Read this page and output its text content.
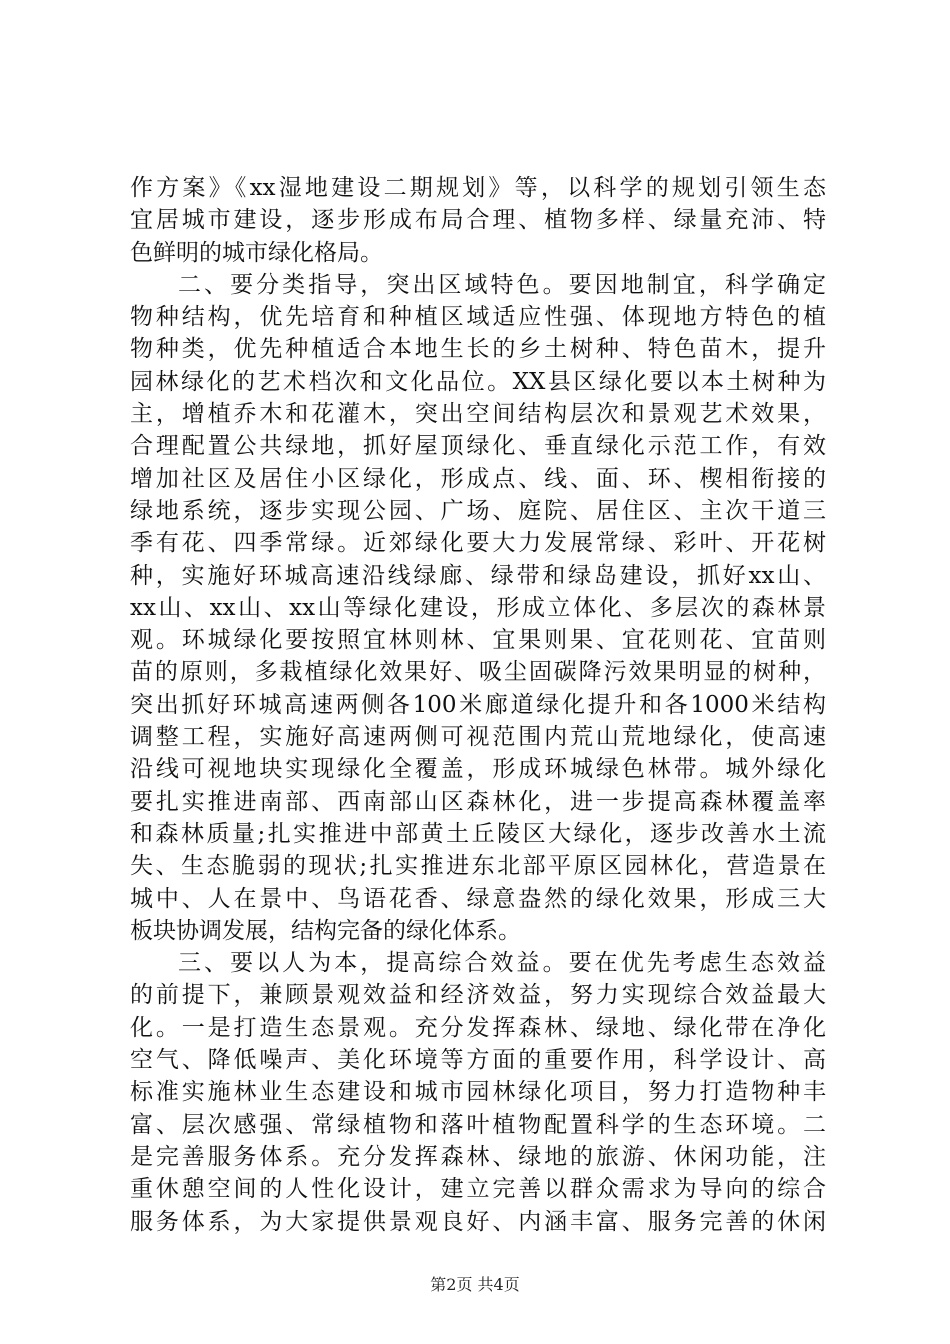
作方案》《xx湿地建设二期规划》等，以科学的规划引领生态
宜居城市建设，逐步形成布局合理、植物多样、绿量充沛、特
色鲜明的城市绿化格局。
二、要分类指导，突出区域特色。要因地制宜，科学确定
物种结构，优先培育和种植区域适应性强、体现地方特色的植
物种类，优先种植适合本地生长的乡土树种、特色苗木，提升
园林绿化的艺术档次和文化品位。XX县区绿化要以本土树种为
主，增植乔木和花灌木，突出空间结构层次和景观艺术效果，
合理配置公共绿地，抓好屋顶绿化、垂直绿化示范工作，有效
增加社区及居住小区绿化，形成点、线、面、环、楔相衔接的
绿地系统，逐步实现公园、广场、庭院、居住区、主次干道三
季有花、四季常绿。近郊绿化要大力发展常绿、彩叶、开花树
种，实施好环城高速沿线绿廊、绿带和绿岛建设，抓好xx山、
xx山、xx山、xx山等绿化建设，形成立体化、多层次的森林景
观。环城绿化要按照宜林则林、宜果则果、宜花则花、宜苗则
苗的原则，多栽植绿化效果好、吸尘固碳降污效果明显的树种，
突出抓好环城高速两侧各100米廊道绿化提升和各1000米结构
调整工程，实施好高速两侧可视范围内荒山荒地绿化，使高速
沿线可视地块实现绿化全覆盖，形成环城绿色林带。城外绿化
要扎实推进南部、西南部山区森林化，进一步提高森林覆盖率
和森林质量;扎实推进中部黄土丘陵区大绿化，逐步改善水土流
失、生态脆弱的现状;扎实推进东北部平原区园林化，营造景在
城中、人在景中、鸟语花香、绿意盎然的绿化效果，形成三大
板块协调发展，结构完备的绿化体系。
三、要以人为本，提高综合效益。要在优先考虑生态效益
的前提下，兼顾景观效益和经济效益，努力实现综合效益最大
化。一是打造生态景观。充分发挥森林、绿地、绿化带在净化
空气、降低噪声、美化环境等方面的重要作用，科学设计、高
标准实施林业生态建设和城市园林绿化项目，努力打造物种丰
富、层次感强、常绿植物和落叶植物配置科学的生态环境。二
是完善服务体系。充分发挥森林、绿地的旅游、休闲功能，注
重休憩空间的人性化设计，建立完善以群众需求为导向的综合
服务体系，为大家提供景观良好、内涵丰富、服务完善的休闲
第2页 共4页
